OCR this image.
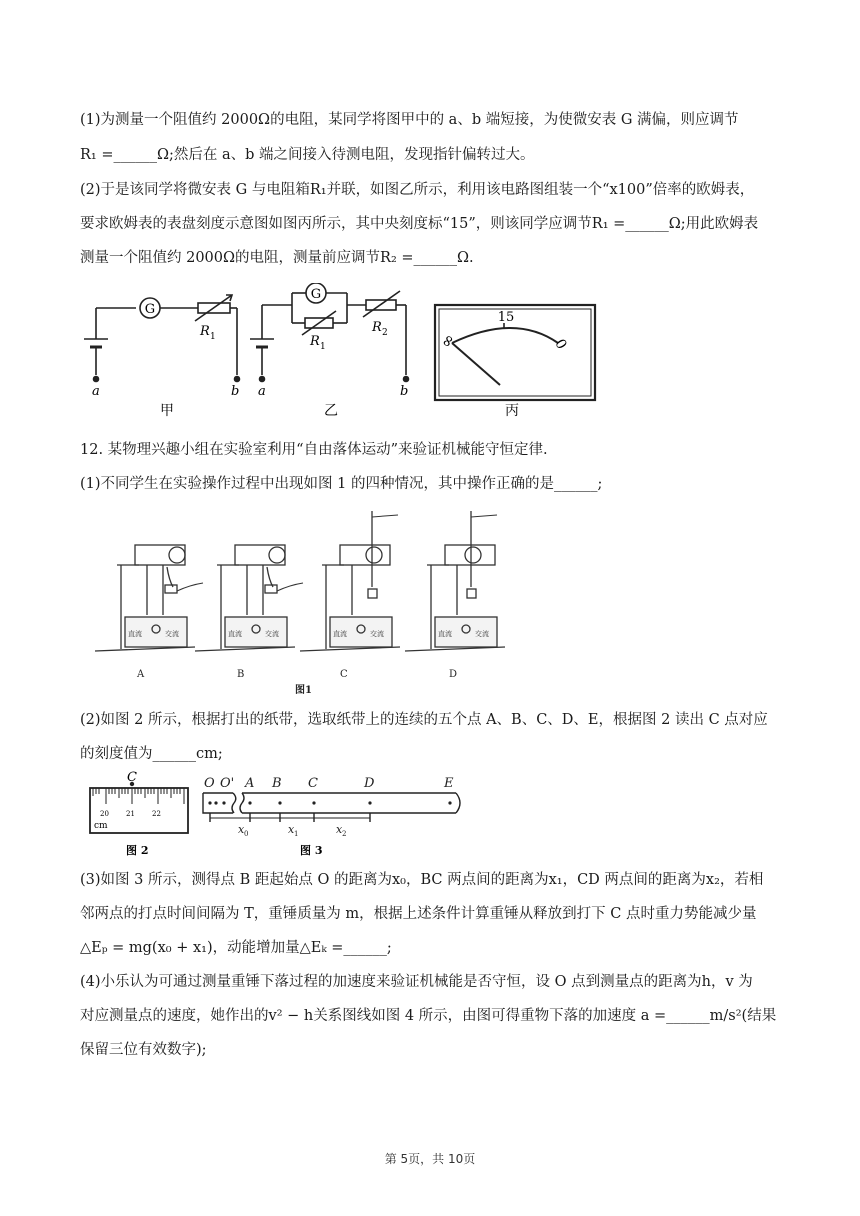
(1)为测量一个阻值约 2000Ω的电阻，某同学将图甲中的 a、b 端短接，为使微安表 G 满偏，则应调节
R₁ =______Ω;然后在 a、b 端之间接入待测电阻，发现指针偏转过大。
(2)于是该同学将微安表 G 与电阻箱R₁并联，如图乙所示，利用该电路图组装一个“x100”倍率的欧姆表，
要求欧姆表的表盘刻度示意图如图丙所示，其中央刻度标“15”，则该同学应调节R₁ =______Ω;用此欧姆表
测量一个阻值约 2000Ω的电阻，测量前应调节R₂ =______Ω.
G
R 1
a	b
甲
G
R 1
R 2
a	b
乙
15
∞	0
丙
12. 某物理兴趣小组在实验室利用“自由落体运动”来验证机械能守恒定律.
(1)不同学生在实验操作过程中出现如图 1 的四种情况，其中操作正确的是______;
直流	交流	直流	交流	直流	交流	直流	交流
A	B	C	D
图1
(2)如图 2 所示，根据打出的纸带，选取纸带上的连续的五个点 A、B、C、D、E，根据图 2 读出 C 点对应
的刻度值为______cm;
C
20 21 22
cm
图 2
O O' A B C	D	E
x	x	x
0	1	2
图 3
(3)如图 3 所示，测得点 B 距起始点 O 的距离为x₀，BC 两点间的距离为x₁，CD 两点间的距离为x₂，若相
邻两点的打点时间间隔为 T，重锤质量为 m，根据上述条件计算重锤从释放到打下 C 点时重力势能减少量
△Eₚ = mg(x₀ + x₁)，动能增加量△Eₖ =______;
(4)小乐认为可通过测量重锤下落过程的加速度来验证机械能是否守恒，设 O 点到测量点的距离为h，v 为
对应测量点的速度，她作出的v² − h关系图线如图 4 所示，由图可得重物下落的加速度 a =______m/s²(结果
保留三位有效数字);
第 5页，共 10页
